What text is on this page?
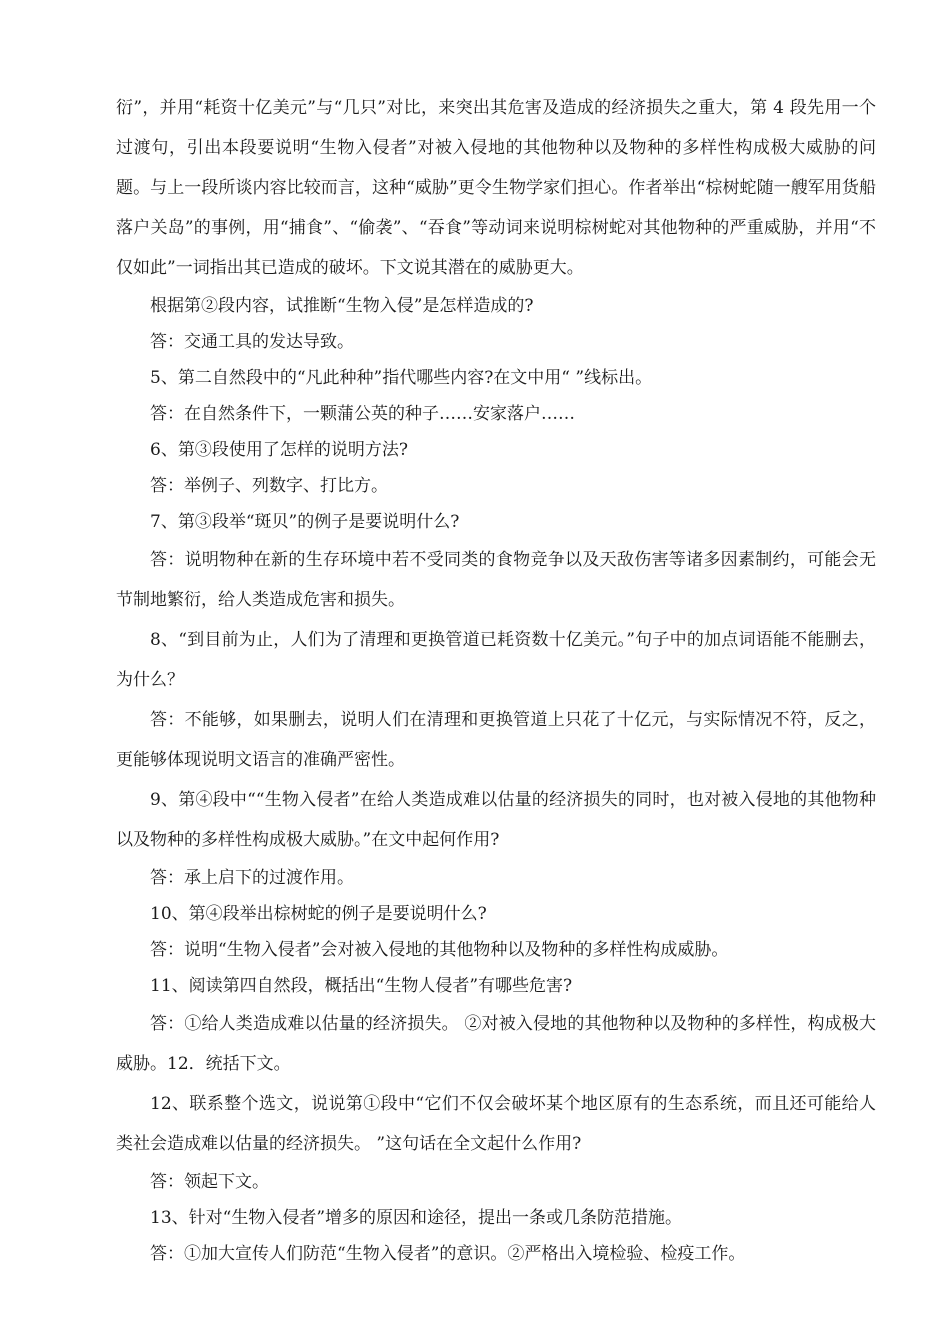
衍”，并用“耗资十亿美元”与“几只”对比，来突出其危害及造成的经济损失之重大，第 4 段先用一个过渡句，引出本段要说明“生物入侵者”对被入侵地的其他物种以及物种的多样性构成极大威胁的问题。与上一段所谈内容比较而言，这种“威胁”更令生物学家们担心。作者举出“棕树蛇随一艘军用货船落户关岛”的事例，用“捕食”、“偷袭”、“吞食”等动词来说明棕树蛇对其他物种的严重威胁，并用“不仅如此”一词指出其已造成的破坏。下文说其潜在的威胁更大。

根据第②段内容，试推断“生物入侵”是怎样造成的?

答：交通工具的发达导致。

5、第二自然段中的“凡此种种”指代哪些内容?在文中用“ ”线标出。

答：在自然条件下，一颗蒲公英的种子……安家落户……

6、第③段使用了怎样的说明方法?

答：举例子、列数字、打比方。

7、第③段举“斑贝”的例子是要说明什么?

答：说明物种在新的生存环境中若不受同类的食物竞争以及天敌伤害等诸多因素制约，可能会无节制地繁衍，给人类造成危害和损失。

8、“到目前为止，人们为了清理和更换管道已耗资数十亿美元。”句子中的加点词语能不能删去，为什么？

答：不能够，如果删去，说明人们在清理和更换管道上只花了十亿元，与实际情况不符，反之，更能够体现说明文语言的准确严密性。

9、第④段中““生物入侵者”在给人类造成难以估量的经济损失的同时，也对被入侵地的其他物种以及物种的多样性构成极大威胁。”在文中起何作用?

答：承上启下的过渡作用。

10、第④段举出棕树蛇的例子是要说明什么?

答：说明“生物入侵者”会对被入侵地的其他物种以及物种的多样性构成威胁。

11、阅读第四自然段，概括出“生物人侵者”有哪些危害?

答：①给人类造成难以估量的经济损失。 ②对被入侵地的其他物种以及物种的多样性，构成极大威胁。12．统括下文。

12、联系整个选文，说说第①段中“它们不仅会破坏某个地区原有的生态系统，而且还可能给人类社会造成难以估量的经济损失。 ”这句话在全文起什么作用?

答：领起下文。

13、针对“生物入侵者”增多的原因和途径，提出一条或几条防范措施。

答：①加大宣传人们防范“生物入侵者”的意识。②严格出入境检验、检疫工作。
